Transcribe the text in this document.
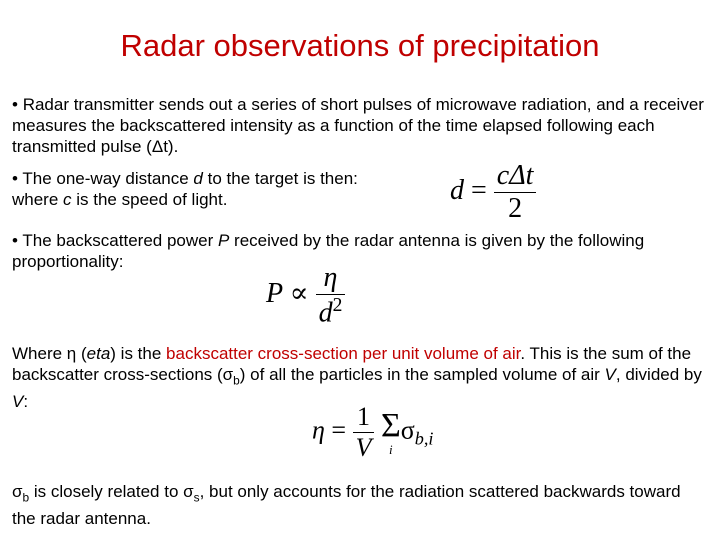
Radar observations of precipitation
• Radar transmitter sends out a series of short pulses of microwave radiation, and a receiver measures the backscattered intensity as a function of the time elapsed following each transmitted pulse (Δt).
• The one-way distance d to the target is then:
where c is the speed of light.	$d = \frac{\text{cΔt}}{2}$
• The backscattered power P received by the radar antenna is given by the following proportionality:
$P \propto \frac{\eta}{d^2}$
Where η (eta) is the backscatter cross-section per unit volume of air. This is the sum of the backscatter cross-sections $(\sigma_b)$ of all the particles in the sampled volume of air V, divided by V:
$\eta = \frac{1}{V}$
Σ
i
$\sigma_{b,i}$
$\sigma_b$ is closely related to $\sigma_s$, but only accounts for the radiation scattered backwards toward the radar antenna.
